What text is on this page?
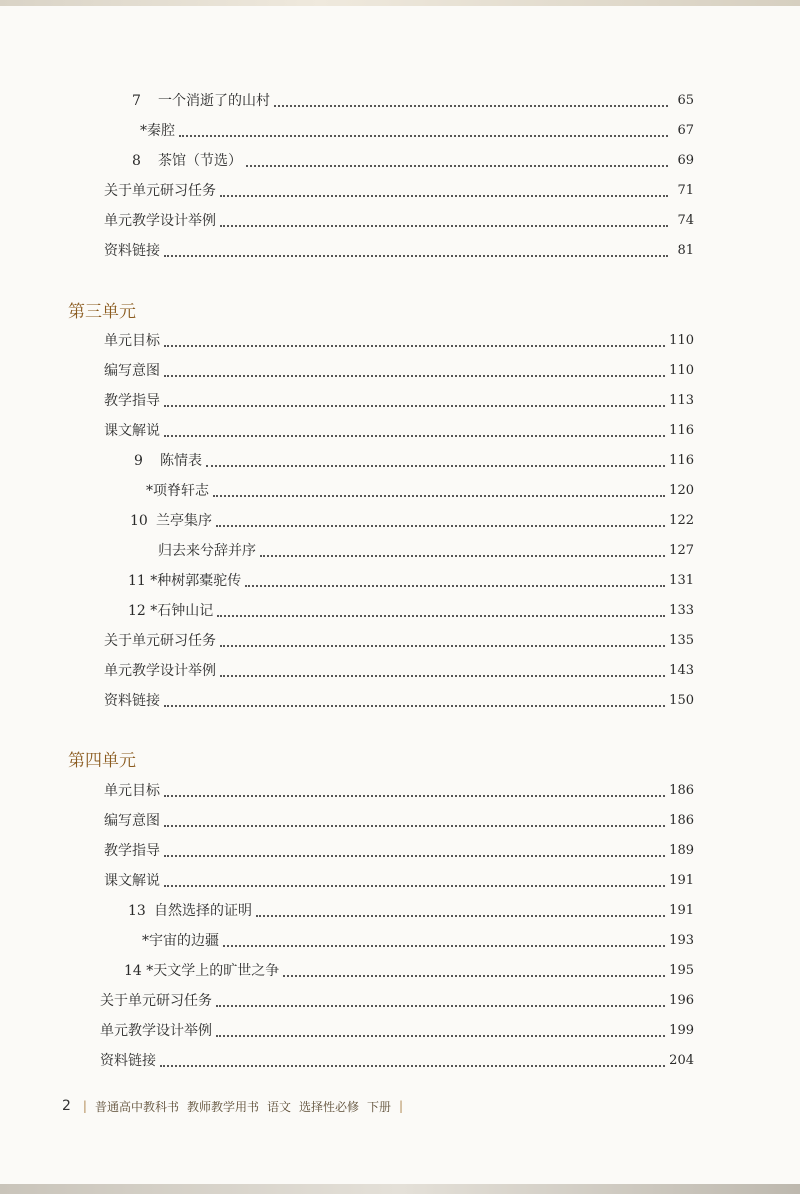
7 一个消逝了的山村	65
*秦腔	67
8 茶馆（节选）	69
关于单元研习任务	71
单元教学设计举例	74
资料链接	81
第三单元
单元目标	110
编写意图	110
教学指导	113
课文解说	116
9 陈情表	116
*项脊轩志	120
10 兰亭集序	122
归去来兮辞并序	127
11 *种树郭橐驼传	131
12 *石钟山记	133
关于单元研习任务	135
单元教学设计举例	143
资料链接	150
第四单元
单元目标	186
编写意图	186
教学指导	189
课文解说	191
13 自然选择的证明	191
*宇宙的边疆	193
14 *天文学上的旷世之争	195
关于单元研习任务	196
单元教学设计举例	199
资料链接	204
2 | 普通高中教科书 教师教学用书 语文 选择性必修 下册 |
